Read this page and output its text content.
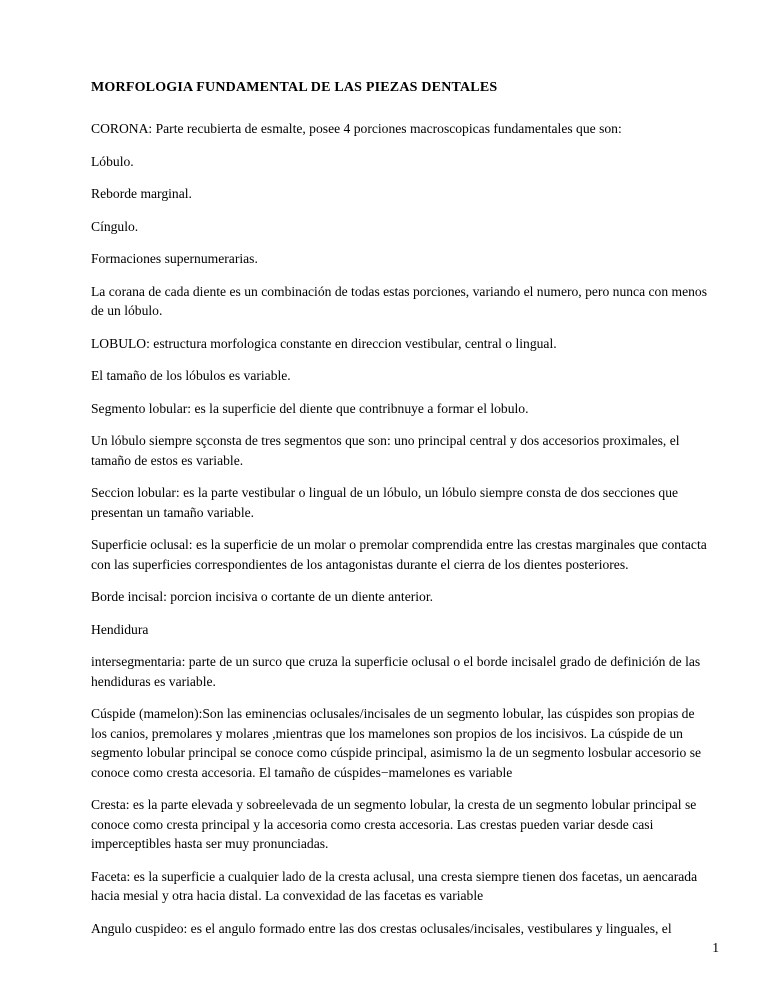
MORFOLOGIA FUNDAMENTAL DE LAS PIEZAS DENTALES

CORONA: Parte recubierta de esmalte, posee 4 porciones macroscopicas fundamentales que son:

Lóbulo.

Reborde marginal.

Cíngulo.

Formaciones supernumerarias.

La corana de cada diente es un combinación de todas estas porciones, variando el numero, pero nunca con menos de un lóbulo.

LOBULO: estructura morfologica constante en direccion vestibular, central o lingual.

El tamaño de los lóbulos es variable.

Segmento lobular: es la superficie del diente que contribnuye a formar el lobulo.

Un lóbulo siempre sçconsta de tres segmentos que son: uno principal central y dos accesorios proximales, el tamaño de estos es variable.

Seccion lobular: es la parte vestibular o lingual de un lóbulo, un lóbulo siempre consta de dos secciones que presentan un tamaño variable.

Superficie oclusal: es la superficie de un molar o premolar comprendida entre las crestas marginales que contacta con las superficies correspondientes de los antagonistas durante el cierra de los dientes posteriores.

Borde incisal: porcion incisiva o cortante de un diente anterior.

Hendidura

intersegmentaria: parte de un surco que cruza la superficie oclusal o el borde incisalel grado de definición de las hendiduras es variable.

Cúspide (mamelon):Son las eminencias oclusales/incisales de un segmento lobular, las cúspides son propias de los canios, premolares y molares ,mientras que los mamelones son propios de los incisivos. La cúspide de un segmento lobular principal se conoce como cúspide principal, asimismo la de un segmento losbular accesorio se conoce como cresta accesoria. El tamaño de cúspides−mamelones es variable

Cresta: es la parte elevada y sobreelevada de un segmento lobular, la cresta de un segmento lobular principal se conoce como cresta principal y la accesoria como cresta accesoria. Las crestas pueden variar desde casi imperceptibles hasta ser muy pronunciadas.

Faceta: es la superficie a cualquier lado de la cresta aclusal, una cresta siempre tienen dos facetas, un aencarada hacia mesial y otra hacia distal. La convexidad de las facetas es variable

Angulo cuspideo: es el angulo formado entre las dos crestas oclusales/incisales, vestibulares y linguales, el

1
